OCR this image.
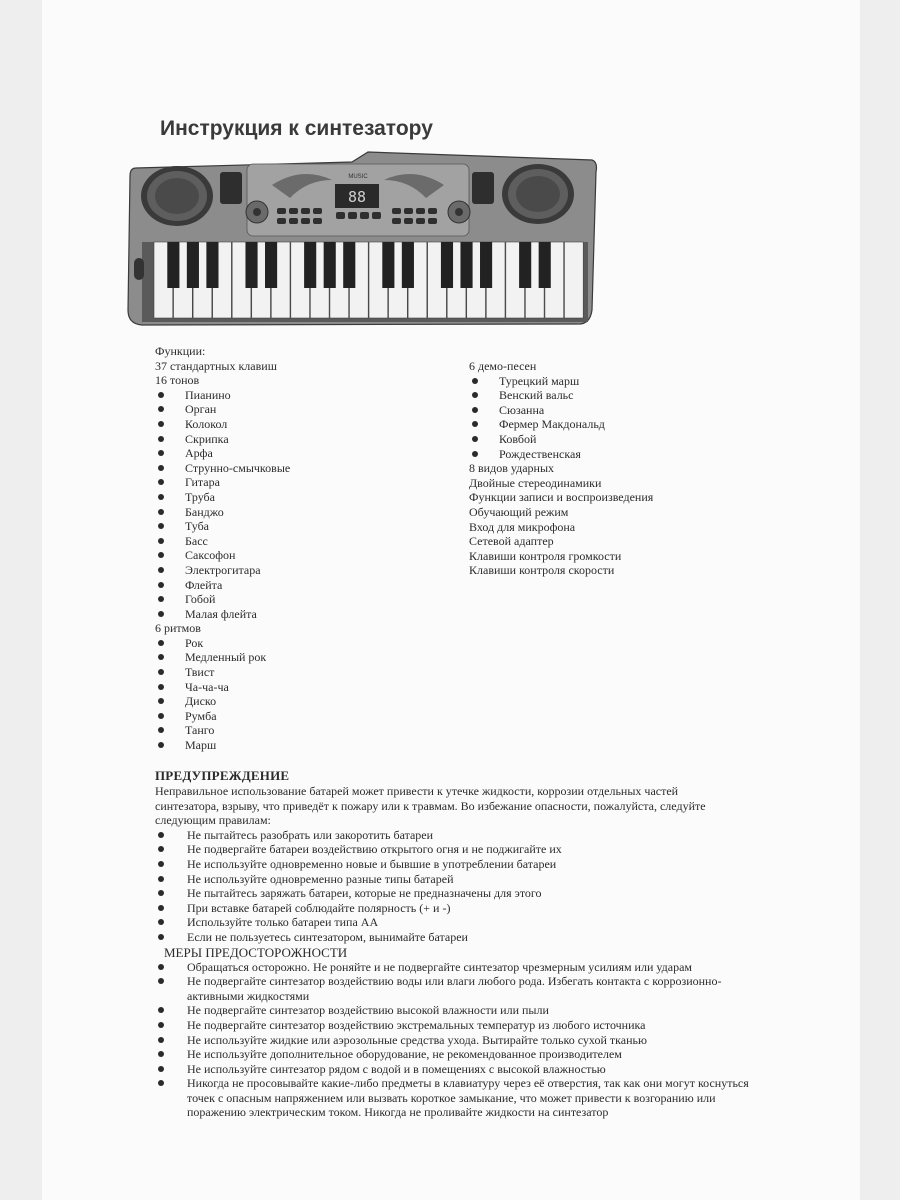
Инструкция к синтезатору
88
MUSIC
Функции:
37 стандартных клавиш
16 тонов
Пианино
Орган
Колокол
Скрипка
Арфа
Струнно-смычковые
Гитара
Труба
Банджо
Туба
Басс
Саксофон
Электрогитара
Флейта
Гобой
Малая флейта
6 ритмов
Рок
Медленный рок
Твист
Ча-ча-ча
Диско
Румба
Танго
Марш
6 демо-песен
Турецкий марш
Венский вальс
Сюзанна
Фермер Макдональд
Ковбой
Рождественская
8 видов ударных
Двойные стереодинамики
Функции записи и воспроизведения
Обучающий режим
Вход для микрофона
Сетевой адаптер
Клавиши контроля громкости
Клавиши контроля скорости
ПРЕДУПРЕЖДЕНИЕ

Неправильное использование батарей может привести к утечке жидкости, коррозии отдельных частей синтезатора, взрыву, что приведёт к пожару или к травмам. Во избежание опасности, пожалуйста, следуйте следующим правилам:

Не пытайтесь разобрать или закоротить батареи
Не подвергайте батареи воздействию открытого огня и не поджигайте их
Не используйте одновременно новые и бывшие в употреблении батареи
Не используйте одновременно разные типы батарей
Не пытайтесь заряжать батареи, которые не предназначены для этого
При вставке батарей соблюдайте полярность (+ и -)
Используйте только батареи типа АА
Если не пользуетесь синтезатором, вынимайте батареи
МЕРЫ ПРЕДОСТОРОЖНОСТИ
Обращаться осторожно. Не роняйте и не подвергайте синтезатор чрезмерным усилиям или ударам
Не подвергайте синтезатор воздействию воды или влаги любого рода. Избегать контакта с коррозионно-активными жидкостями
Не подвергайте синтезатор воздействию высокой влажности или пыли
Не подвергайте синтезатор воздействию экстремальных температур из любого источника
Не используйте жидкие или аэрозольные средства ухода. Вытирайте только сухой тканью
Не используйте дополнительное оборудование, не рекомендованное производителем
Не используйте синтезатор рядом с водой и в помещениях с высокой влажностью
Никогда не просовывайте какие-либо предметы в клавиатуру через её отверстия, так как они могут коснуться точек с опасным напряжением или вызвать короткое замыкание, что может привести к возгоранию или поражению электрическим током. Никогда не проливайте жидкости на синтезатор
